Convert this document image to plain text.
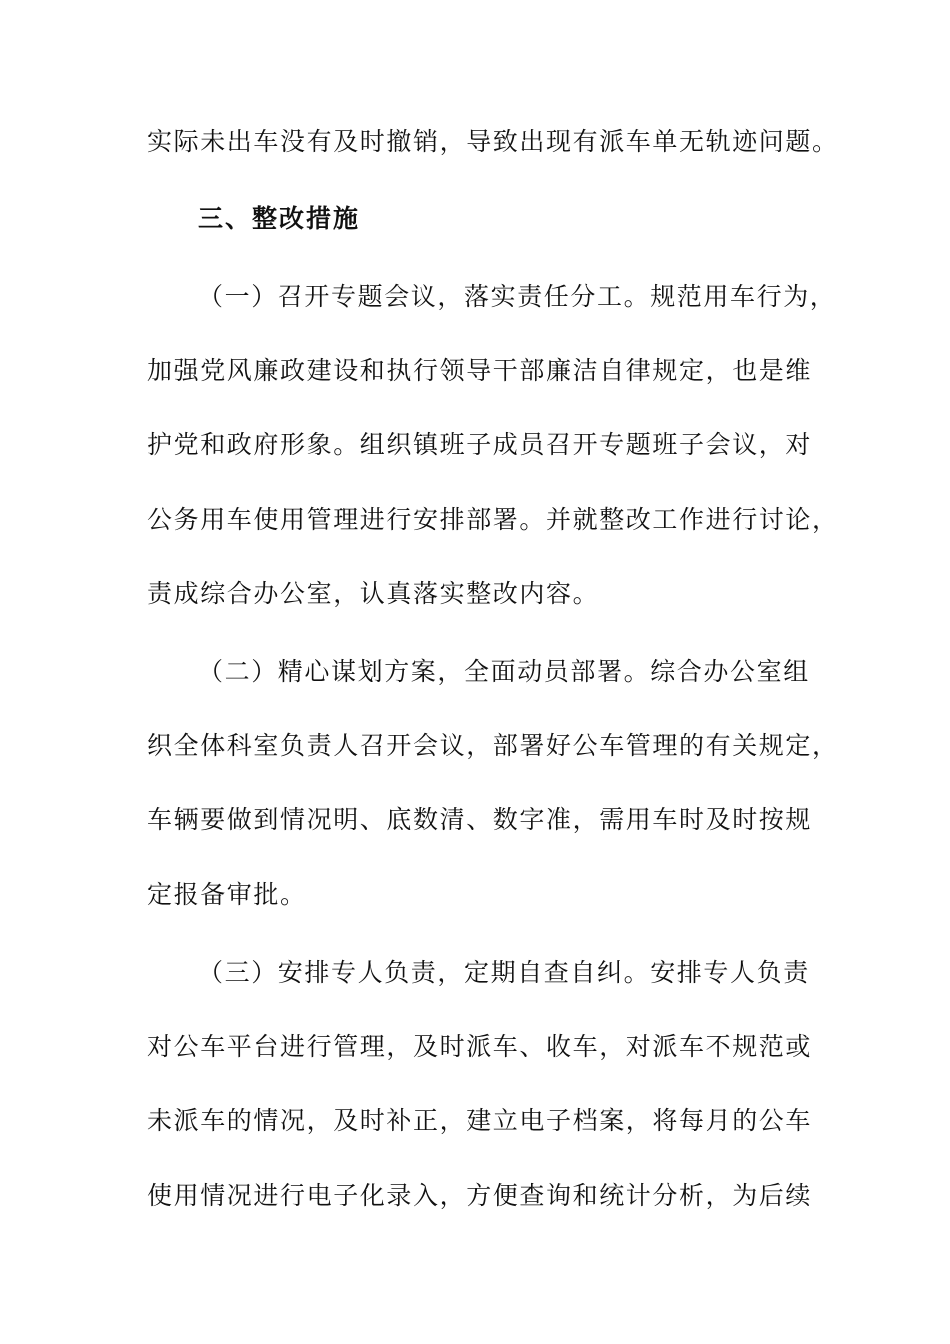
实际未出车没有及时撤销，导致出现有派车单无轨迹问题。
三、整改措施
（一）召开专题会议，落实责任分工。规范用车行为，
加强党风廉政建设和执行领导干部廉洁自律规定，也是维
护党和政府形象。组织镇班子成员召开专题班子会议，对
公务用车使用管理进行安排部署。并就整改工作进行讨论，
责成综合办公室，认真落实整改内容。
（二）精心谋划方案，全面动员部署。综合办公室组
织全体科室负责人召开会议，部署好公车管理的有关规定，
车辆要做到情况明、底数清、数字准，需用车时及时按规
定报备审批。
（三）安排专人负责，定期自查自纠。安排专人负责
对公车平台进行管理，及时派车、收车，对派车不规范或
未派车的情况，及时补正，建立电子档案，将每月的公车
使用情况进行电子化录入，方便查询和统计分析，为后续
